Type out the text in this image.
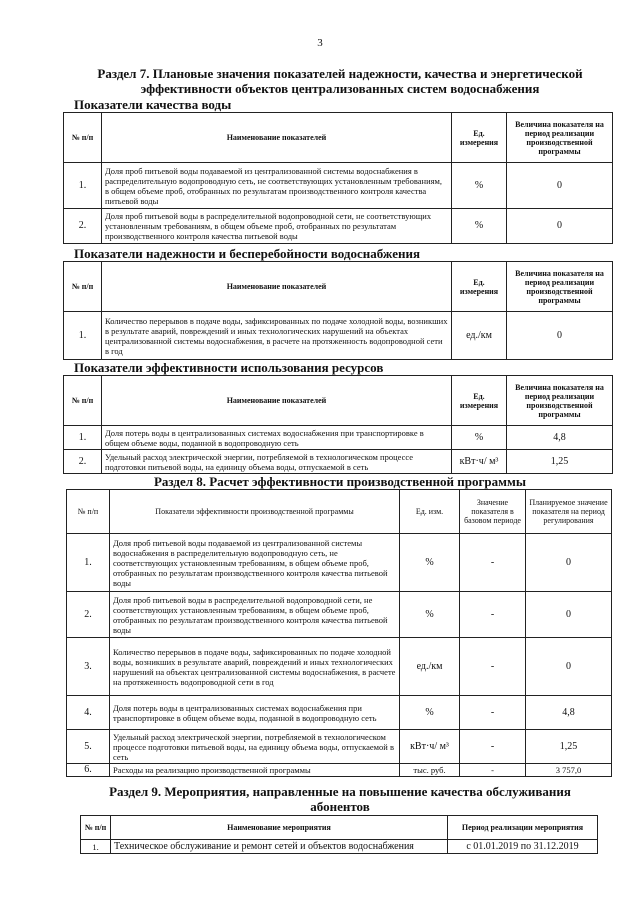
3
Раздел 7. Плановые значения показателей надежности, качества и энергетической
эффективности объектов централизованных систем водоснабжения
Показатели качества воды
№ п/п	Наименование показателей	Ед. измерения	Величина показателя на период реализации производственной программы
1.	Доля проб питьевой воды подаваемой из централизованной системы водоснабжения в распределительную водопроводную сеть, не соответствующих установленным требованиям, в общем объеме проб, отобранных по результатам производственного контроля качества питьевой воды	%	0
2.	Доля проб питьевой воды в распределительной водопроводной сети, не соответствующих установленным требованиям, в общем объеме проб, отобранных по результатам производственного контроля качества питьевой воды	%	0
Показатели надежности и бесперебойности водоснабжения
№ п/п	Наименование показателей	Ед. измерения	Величина показателя на период реализации производственной программы
1.	Количество перерывов в подаче воды, зафиксированных по подаче холодной воды, возникших в результате аварий, повреждений и иных технологических нарушений на объектах централизованной системы водоснабжения, в расчете на протяженность водопроводной сети в год	ед./км	0
Показатели эффективности использования ресурсов
№ п/п	Наименование показателей	Ед. измерения	Величина показателя на период реализации производственной программы
1.	Доля потерь воды в централизованных системах водоснабжения при транспортировке в общем объеме воды, поданной в водопроводную сеть	%	4,8
2.	Удельный расход электрической энергии, потребляемой в технологическом процессе подготовки питьевой воды, на единицу объема воды, отпускаемой в сеть	кВт·ч/ м³	1,25
Раздел 8. Расчет эффективности производственной программы
№ п/п	Показатели эффективности производственной программы	Ед. изм.	Значение показателя в базовом периоде	Планируемое значение показателя на период регулирования
1.	Доля проб питьевой воды подаваемой из централизованной системы водоснабжения в распределительную водопроводную сеть, не соответствующих установленным требованиям, в общем объеме проб, отобранных по результатам производственного контроля качества питьевой воды	%	-	0
2.	Доля проб питьевой воды в распределительной водопроводной сети, не соответствующих установленным требованиям, в общем объеме проб, отобранных по результатам производственного контроля качества питьевой воды	%	-	0
3.	Количество перерывов в подаче воды, зафиксированных по подаче холодной воды, возникших в результате аварий, повреждений и иных технологических нарушений на объектах централизованной системы водоснабжения, в расчете на протяженность водопроводной сети в год	ед./км	-	0
4.	Доля потерь воды в централизованных системах водоснабжения при транспортировке в общем объеме воды, поданной в водопроводную сеть	%	-	4,8
5.	Удельный расход электрической энергии, потребляемой в технологическом процессе подготовки питьевой воды, на единицу объема воды, отпускаемой в сеть	кВт·ч/ м³	-	1,25
6.	Расходы на реализацию производственной программы	тыс. руб.	-	3 757,0
Раздел 9. Мероприятия, направленные на повышение качества обслуживания
абонентов
№ п/п	Наименование мероприятия	Период реализации мероприятия
1.	Техническое обслуживание и ремонт сетей и объектов водоснабжения	с 01.01.2019 по 31.12.2019
